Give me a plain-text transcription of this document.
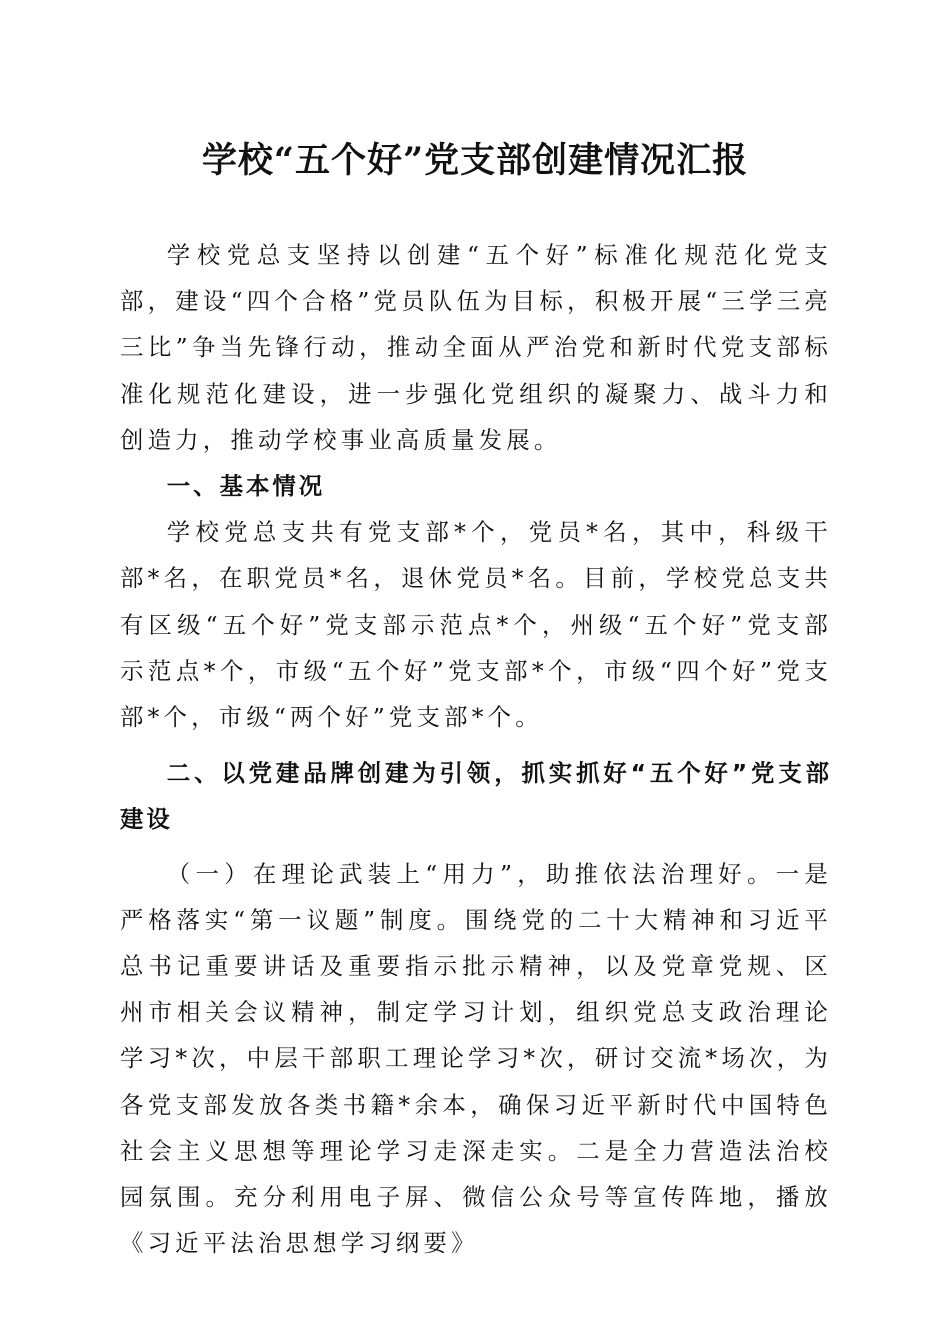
学校“五个好”党支部创建情况汇报

学校党总支坚持以创建“五个好”标准化规范化党支部，建设“四个合格”党员队伍为目标，积极开展“三学三亮三比”争当先锋行动，推动全面从严治党和新时代党支部标准化规范化建设，进一步强化党组织的凝聚力、战斗力和创造力，推动学校事业高质量发展。

一、基本情况

学校党总支共有党支部*个，党员*名，其中，科级干部*名，在职党员*名，退休党员*名。目前，学校党总支共有区级“五个好”党支部示范点*个，州级“五个好”党支部示范点*个，市级“五个好”党支部*个，市级“四个好”党支部*个，市级“两个好”党支部*个。

二、以党建品牌创建为引领，抓实抓好“五个好”党支部建设

（一）在理论武装上“用力”，助推依法治理好。一是严格落实“第一议题”制度。围绕党的二十大精神和习近平总书记重要讲话及重要指示批示精神，以及党章党规、区州市相关会议精神，制定学习计划，组织党总支政治理论学习*次，中层干部职工理论学习*次，研讨交流*场次，为各党支部发放各类书籍*余本，确保习近平新时代中国特色社会主义思想等理论学习走深走实。二是全力营造法治校园氛围。充分利用电子屏、微信公众号等宣传阵地，播放《习近平法治思想学习纲要》
